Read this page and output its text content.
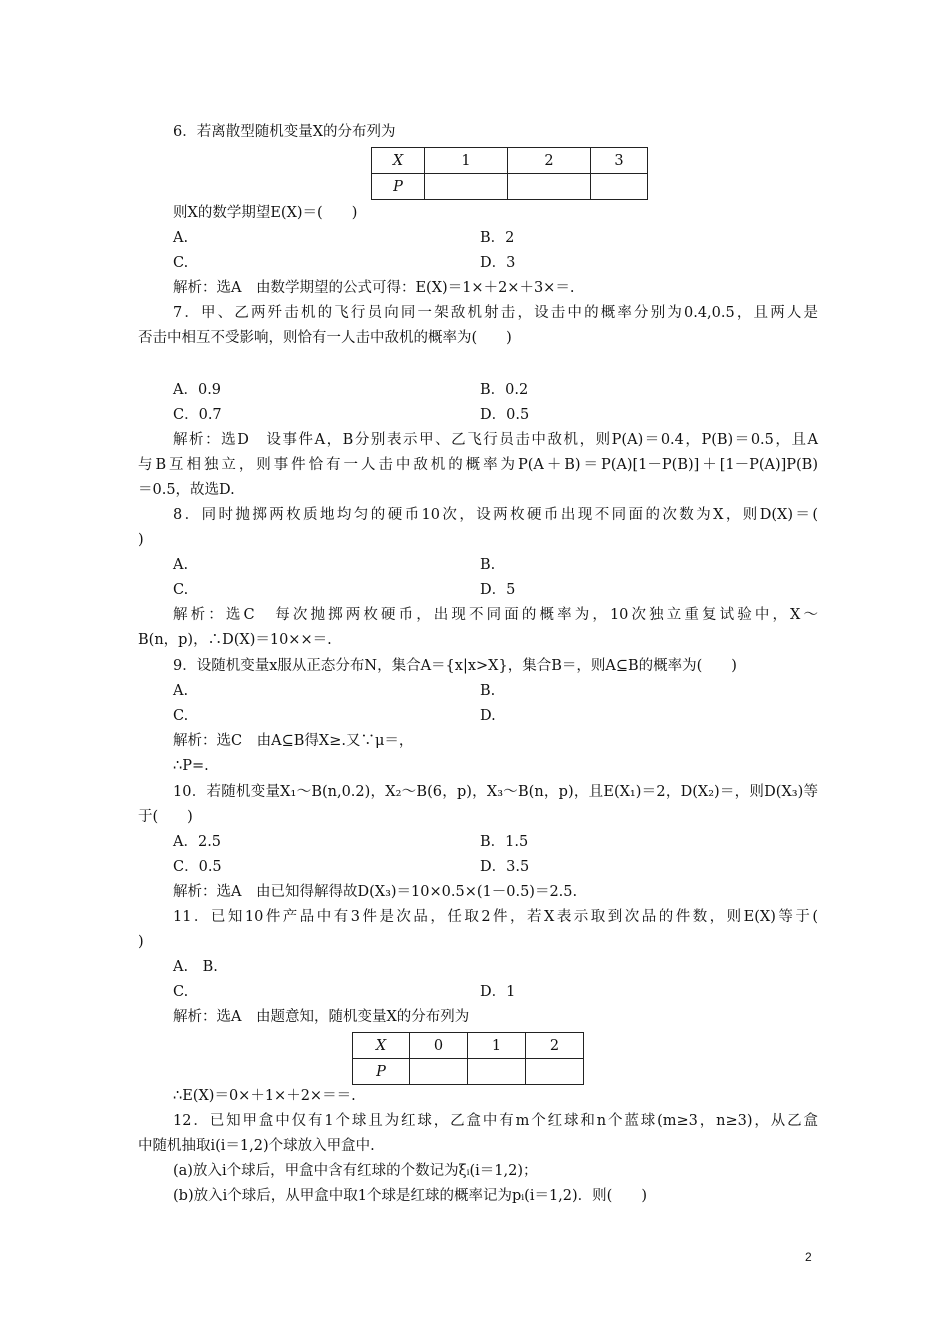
6．若离散型随机变量X的分布列为
X	1	2	3
P			
则X的数学期望E(X)＝(　　)
A.	B．2
C.	D．3
解析：选A　由数学期望的公式可得：E(X)＝1×＋2×＋3×＝.
7．甲、乙两歼击机的飞行员向同一架敌机射击，设击中的概率分别为0.4,0.5，且两人是
否击中相互不受影响，则恰有一人击中敌机的概率为(　　)
A．0.9	B．0.2
C．0.7	D．0.5
解析：选D　设事件A，B分别表示甲、乙飞行员击中敌机，则P(A)＝0.4，P(B)＝0.5，且A
与B互相独立，则事件恰有一人击中敌机的概率为P(A＋B)＝P(A)[1－P(B)]＋[1－P(A)]P(B)
＝0.5，故选D.
8．同时抛掷两枚质地均匀的硬币10次，设两枚硬币出现不同面的次数为X，则D(X)＝(
)
A.	B.
C.	D．5
解析：选C　每次抛掷两枚硬币，出现不同面的概率为，10次独立重复试验中，X～
B(n，p)，∴D(X)＝10××＝.
9．设随机变量x服从正态分布N，集合A＝{x|x>X}，集合B＝，则A⊆B的概率为(　　)
A.	B.
C.	D.
解析：选C　由A⊆B得X≥.又∵μ＝，
∴P=.
10．若随机变量X₁～B(n,0.2)，X₂～B(6，p)，X₃～B(n，p)，且E(X₁)＝2，D(X₂)＝，则D(X₃)等
于(　　)
A．2.5	B．1.5
C．0.5	D．3.5
解析：选A　由已知得解得故D(X₃)＝10×0.5×(1－0.5)＝2.5.
11．已知10件产品中有3件是次品，任取2件，若X表示取到次品的件数，则E(X)等于(
)
A.　B.
C.	D．1
解析：选A　由题意知，随机变量X的分布列为
X	0	1	2
P			
∴E(X)＝0×＋1×＋2×＝＝.
12．已知甲盒中仅有1个球且为红球，乙盒中有m个红球和n个蓝球(m≥3，n≥3)，从乙盒
中随机抽取i(i＝1,2)个球放入甲盒中.
(a)放入i个球后，甲盒中含有红球的个数记为ξᵢ(i＝1,2)；
(b)放入i个球后，从甲盒中取1个球是红球的概率记为pᵢ(i＝1,2)．则(　　)
2
